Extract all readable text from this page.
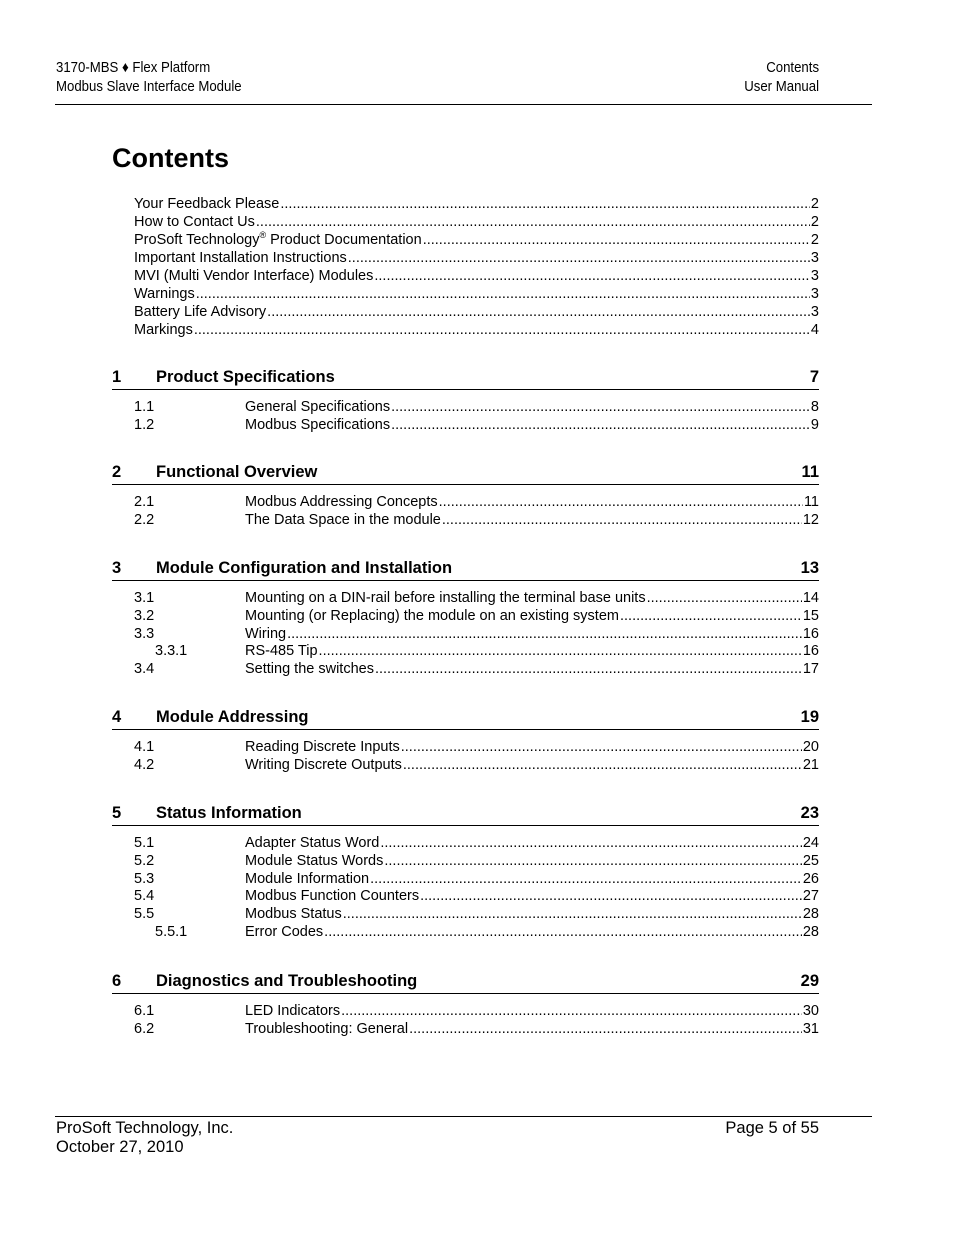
3170-MBS ♦ Flex Platform
Modbus Slave Interface Module
Contents
User Manual
Contents
Your Feedback Please .....	2
How to Contact Us .....	2
ProSoft Technology® Product Documentation .....	2
Important Installation Instructions .....	3
MVI (Multi Vendor Interface) Modules .....	3
Warnings .....	3
Battery Life Advisory .....	3
Markings .....	4
1	Product Specifications	7
1.1	General Specifications .....	8
1.2	Modbus Specifications .....	9
2	Functional Overview	11
2.1	Modbus Addressing Concepts .....	11
2.2	The Data Space in the module .....	12
3	Module Configuration and Installation	13
3.1	Mounting on a DIN-rail before installing the terminal base units .....	14
3.2	Mounting (or Replacing) the module on an existing system .....	15
3.3	Wiring .....	16
3.3.1	RS-485 Tip .....	16
3.4	Setting the switches .....	17
4	Module Addressing	19
4.1	Reading Discrete Inputs .....	20
4.2	Writing Discrete Outputs .....	21
5	Status Information	23
5.1	Adapter Status Word .....	24
5.2	Module Status Words .....	25
5.3	Module Information .....	26
5.4	Modbus Function Counters .....	27
5.5	Modbus Status .....	28
5.5.1	Error Codes .....	28
6	Diagnostics and Troubleshooting	29
6.1	LED Indicators .....	30
6.2	Troubleshooting: General .....	31
ProSoft Technology, Inc.
October 27, 2010
Page 5 of 55
